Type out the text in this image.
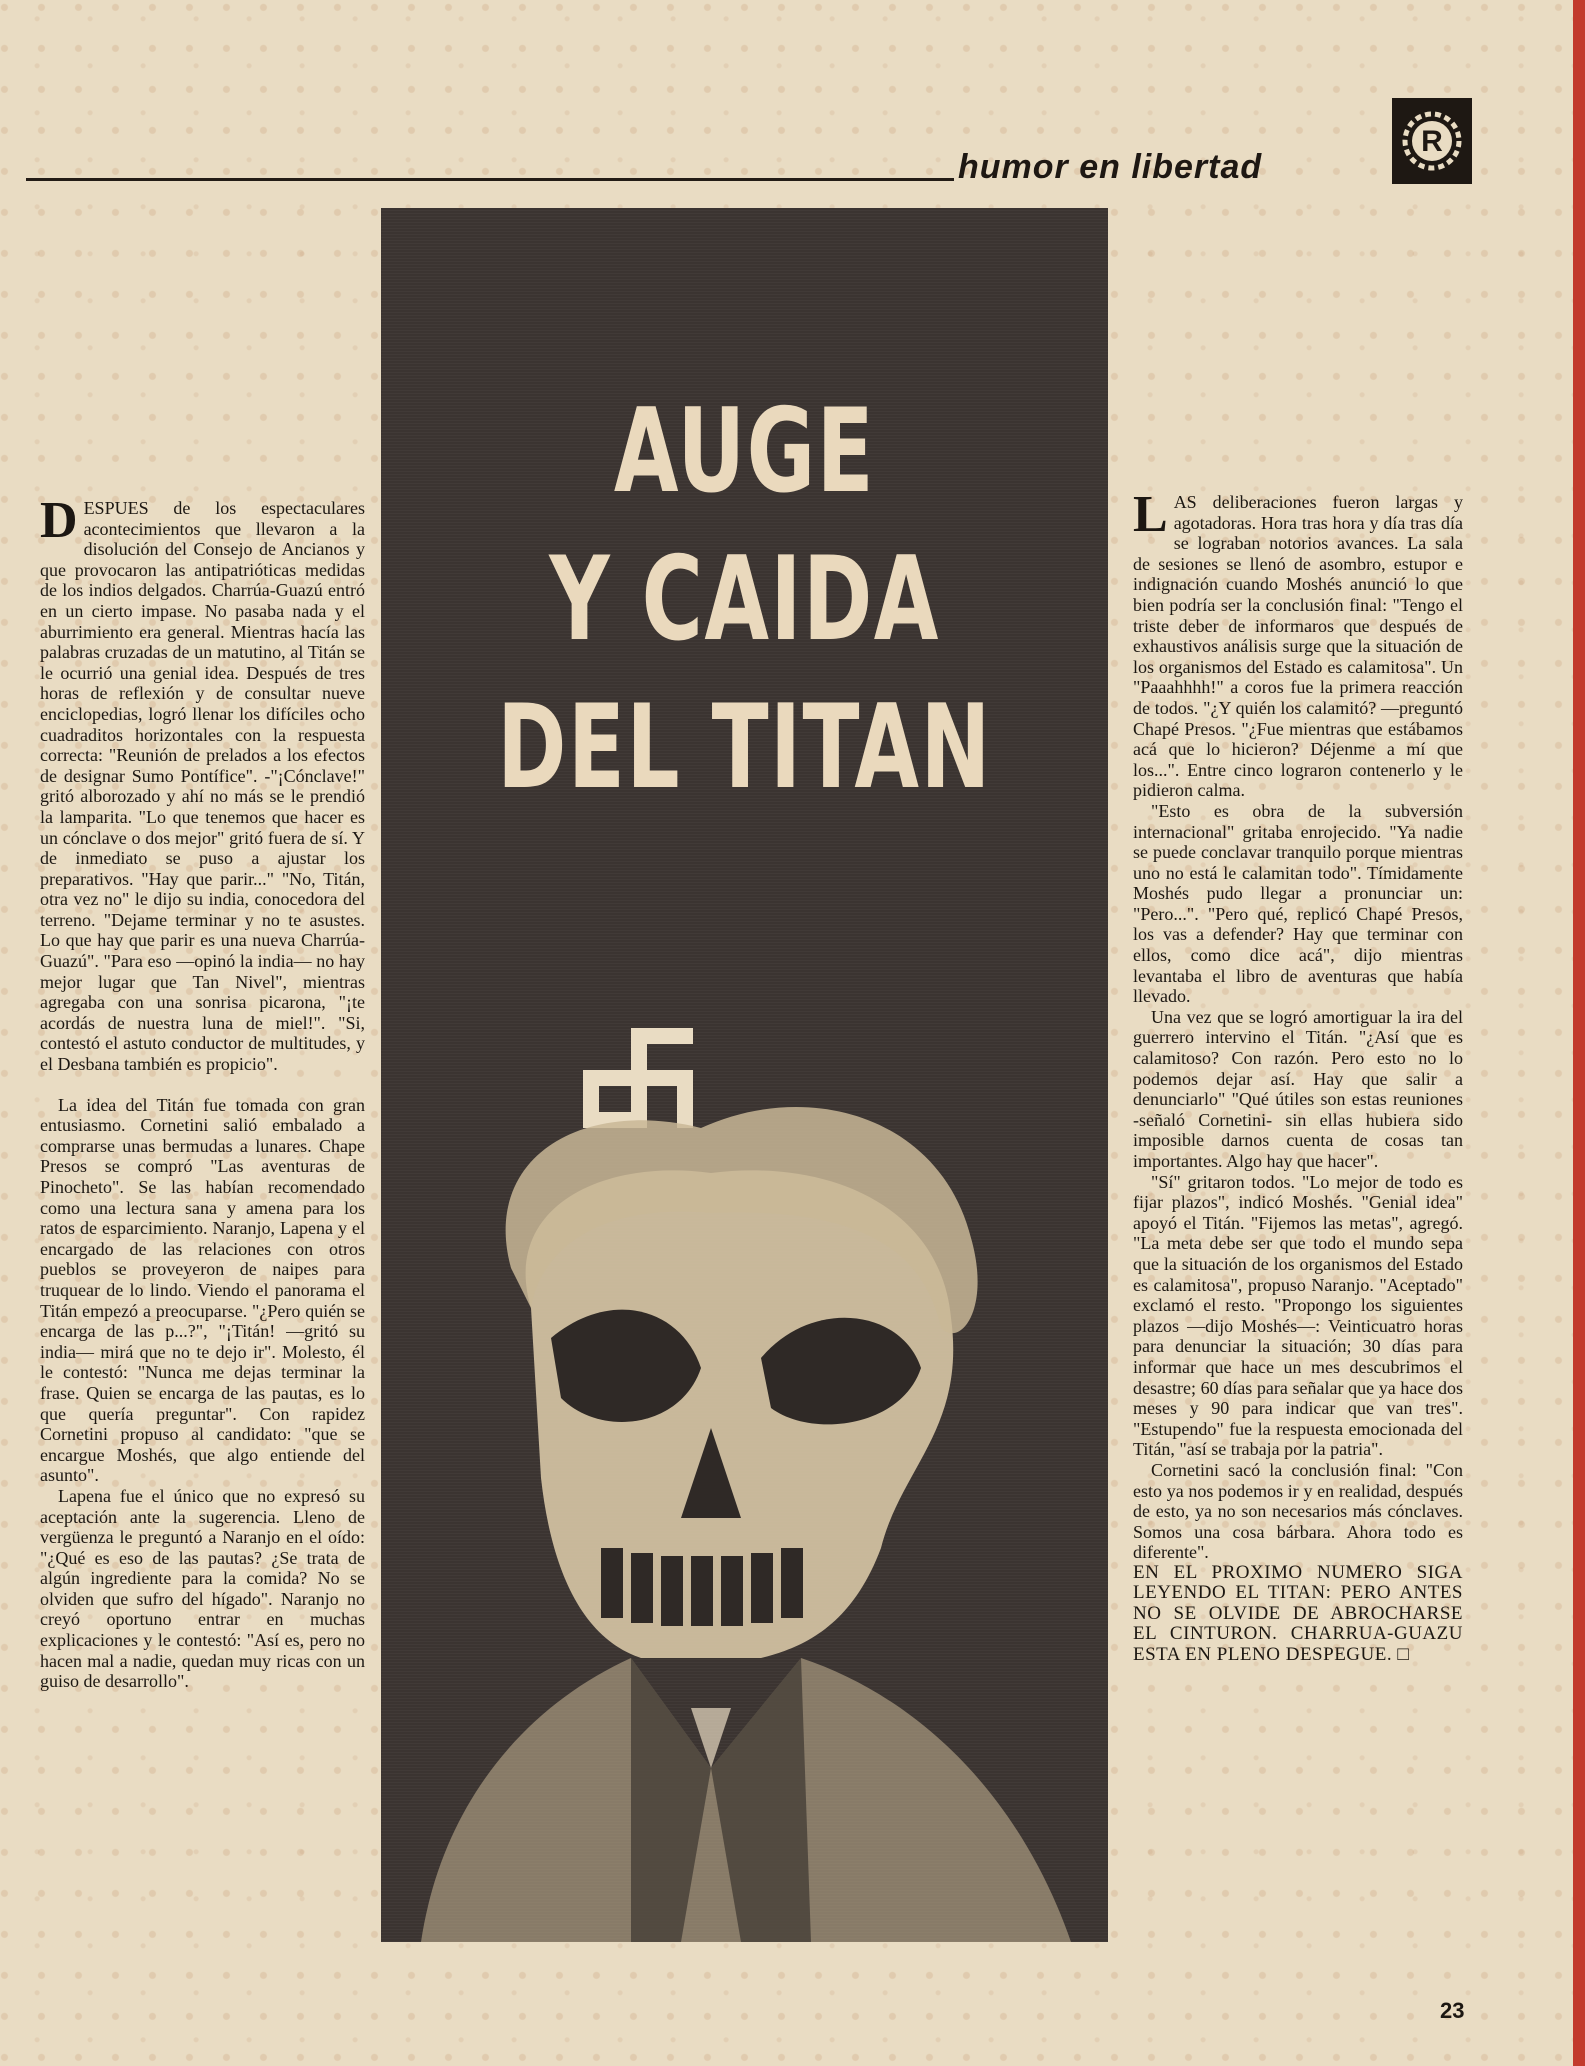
humor en libertad
R

DESPUES de los espectaculares acontecimientos que llevaron a la disolución del Consejo de Ancianos y que provocaron las antipatrióticas medidas de los indios delgados. Charrúa-Guazú entró en un cierto impase. No pasaba nada y el aburrimiento era general. Mientras hacía las palabras cruzadas de un matutino, al Titán se le ocurrió una genial idea. Después de tres horas de reflexión y de consultar nueve enciclopedias, logró llenar los difíciles ocho cuadraditos horizontales con la respuesta correcta: "Reunión de prelados a los efectos de designar Sumo Pontífice". -"¡Cónclave!" gritó alborozado y ahí no más se le prendió la lamparita. "Lo que tenemos que hacer es un cónclave o dos mejor" gritó fuera de sí. Y de inmediato se puso a ajustar los preparativos. "Hay que parir..." "No, Titán, otra vez no" le dijo su india, conocedora del terreno. "Dejame terminar y no te asustes. Lo que hay que parir es una nueva Charrúa-Guazú". "Para eso —opinó la india— no hay mejor lugar que Tan Nivel", mientras agregaba con una sonrisa picarona, "¡te acordás de nuestra luna de miel!". "Si, contestó el astuto conductor de multitudes, y el Desbana también es propicio".

La idea del Titán fue tomada con gran entusiasmo. Cornetini salió embalado a comprarse unas bermudas a lunares. Chape Presos se compró "Las aventuras de Pinocheto". Se las habían recomendado como una lectura sana y amena para los ratos de esparcimiento. Naranjo, Lapena y el encargado de las relaciones con otros pueblos se proveyeron de naipes para truquear de lo lindo. Viendo el panorama el Titán empezó a preocuparse. "¿Pero quién se encarga de las p...?", "¡Titán! —gritó su india— mirá que no te dejo ir". Molesto, él le contestó: "Nunca me dejas terminar la frase. Quien se encarga de las pautas, es lo que quería preguntar". Con rapidez Cornetini propuso al candidato: "que se encargue Moshés, que algo entiende del asunto".

Lapena fue el único que no expresó su aceptación ante la sugerencia. Lleno de vergüenza le preguntó a Naranjo en el oído: "¿Qué es eso de las pautas? ¿Se trata de algún ingrediente para la comida? No se olviden que sufro del hígado". Naranjo no creyó oportuno entrar en muchas explicaciones y le contestó: "Así es, pero no hacen mal a nadie, quedan muy ricas con un guiso de desarrollo".

AUGE
Y CAIDA
DEL TITAN

LAS deliberaciones fueron largas y agotadoras. Hora tras hora y día tras día se lograban notorios avances. La sala de sesiones se llenó de asombro, estupor e indignación cuando Moshés anunció lo que bien podría ser la conclusión final: "Tengo el triste deber de informaros que después de exhaustivos análisis surge que la situación de los organismos del Estado es calamitosa". Un "Paaahhhh!" a coros fue la primera reacción de todos. "¿Y quién los calamitó? —preguntó Chapé Presos. "¿Fue mientras que estábamos acá que lo hicieron? Déjenme a mí que los...". Entre cinco lograron contenerlo y le pidieron calma.

"Esto es obra de la subversión internacional" gritaba enrojecido. "Ya nadie se puede conclavar tranquilo porque mientras uno no está le calamitan todo". Tímidamente Moshés pudo llegar a pronunciar un: "Pero...". "Pero qué, replicó Chapé Presos, los vas a defender? Hay que terminar con ellos, como dice acá", dijo mientras levantaba el libro de aventuras que había llevado.

Una vez que se logró amortiguar la ira del guerrero intervino el Titán. "¿Así que es calamitoso? Con razón. Pero esto no lo podemos dejar así. Hay que salir a denunciarlo" "Qué útiles son estas reuniones -señaló Cornetini- sin ellas hubiera sido imposible darnos cuenta de cosas tan importantes. Algo hay que hacer".

"Sí" gritaron todos. "Lo mejor de todo es fijar plazos", indicó Moshés. "Genial idea" apoyó el Titán. "Fijemos las metas", agregó. "La meta debe ser que todo el mundo sepa que la situación de los organismos del Estado es calamitosa", propuso Naranjo. "Aceptado" exclamó el resto. "Propongo los siguientes plazos —dijo Moshés—: Veinticuatro horas para denunciar la situación; 30 días para informar que hace un mes descubrimos el desastre; 60 días para señalar que ya hace dos meses y 90 para indicar que van tres". "Estupendo" fue la respuesta emocionada del Titán, "así se trabaja por la patria".

Cornetini sacó la conclusión final: "Con esto ya nos podemos ir y en realidad, después de esto, ya no son necesarios más cónclaves. Somos una cosa bárbara. Ahora todo es diferente".

EN EL PROXIMO NUMERO SIGA LEYENDO EL TITAN: PERO ANTES NO SE OLVIDE DE ABROCHARSE EL CINTURON. CHARRUA-GUAZU ESTA EN PLENO DESPEGUE. □

23
